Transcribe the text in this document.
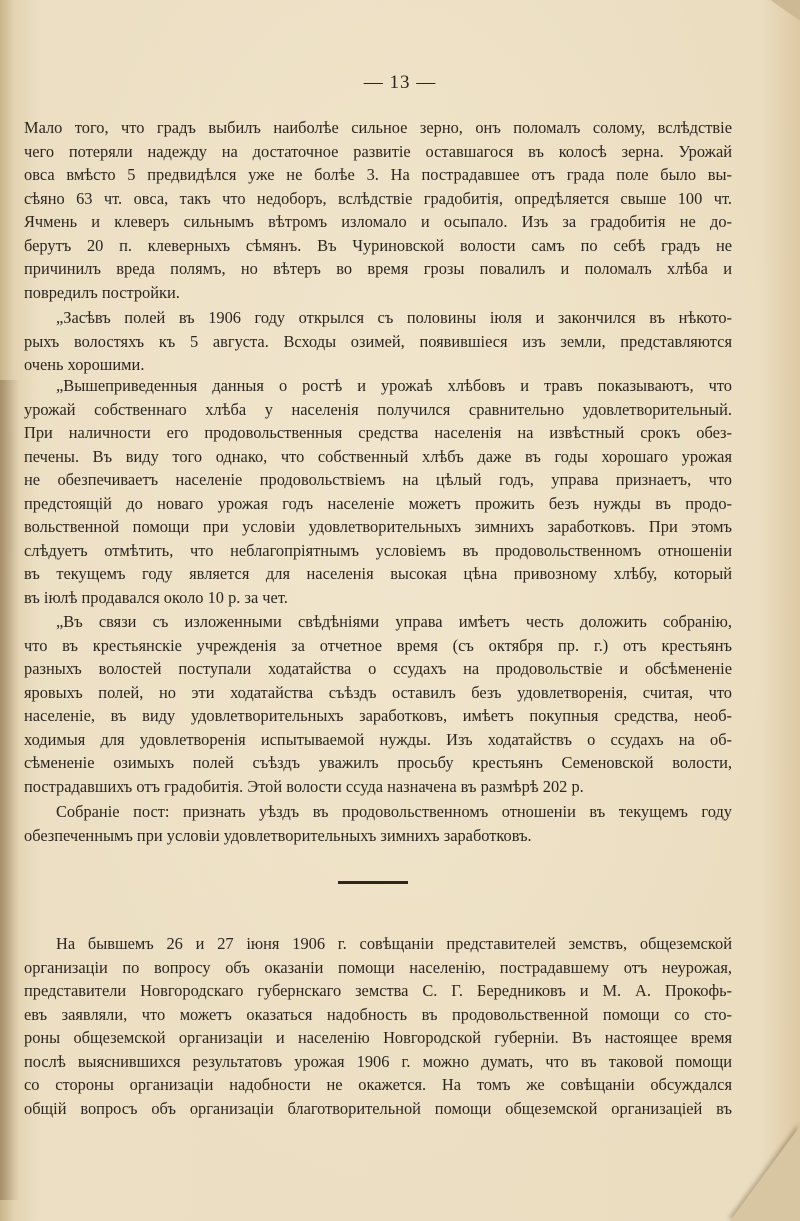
— 13 —
Мало того, что градъ выбилъ наиболѣе сильное зерно, онъ поломалъ солому, вслѣдствіе
чего потеряли надежду на достаточное развитіе оставшагося въ колосѣ зерна. Урожай
овса вмѣсто 5 предвидѣлся уже не болѣе 3. На пострадавшее отъ града поле было вы-
сѣяно 63 чт. овса, такъ что недоборъ, вслѣдствіе градобитія, опредѣляется свыше 100 чт.
Ячмень и клеверъ сильнымъ вѣтромъ изломало и осыпало. Изъ за градобитія не до-
берутъ 20 п. клеверныхъ сѣмянъ. Въ Чуриновской волости самъ по себѣ градъ не
причинилъ вреда полямъ, но вѣтеръ во время грозы повалилъ и поломалъ хлѣба и
повредилъ постройки.
„Засѣвъ полей въ 1906 году открылся съ половины іюля и закончился въ нѣкото-
рыхъ волостяхъ къ 5 августа. Всходы озимей, появившіеся изъ земли, представляются
очень хорошими.
„Вышеприведенныя данныя о ростѣ и урожаѣ хлѣбовъ и травъ показываютъ, что
урожай собственнаго хлѣба у населенія получился сравнительно удовлетворительный.
При наличности его продовольственныя средства населенія на извѣстный срокъ обез-
печены. Въ виду того однако, что собственный хлѣбъ даже въ годы хорошаго урожая
не обезпечиваетъ населеніе продовольствіемъ на цѣлый годъ, управа признаетъ, что
предстоящій до новаго урожая годъ населеніе можетъ прожить безъ нужды въ продо-
вольственной помощи при условіи удовлетворительныхъ зимнихъ заработковъ. При этомъ
слѣдуетъ отмѣтить, что неблагопріятнымъ условіемъ въ продовольственномъ отношеніи
въ текущемъ году является для населенія высокая цѣна привозному хлѣбу, который
въ іюлѣ продавался около 10 р. за чет.
„Въ связи съ изложенными свѣдѣніями управа имѣетъ честь доложить собранію,
что въ крестьянскіе учрежденія за отчетное время (съ октября пр. г.) отъ крестьянъ
разныхъ волостей поступали ходатайства о ссудахъ на продовольствіе и обсѣмененіе
яровыхъ полей, но эти ходатайства съѣздъ оставилъ безъ удовлетворенія, считая, что
населеніе, въ виду удовлетворительныхъ заработковъ, имѣетъ покупныя средства, необ-
ходимыя для удовлетворенія испытываемой нужды. Изъ ходатайствъ о ссудахъ на об-
сѣмененіе озимыхъ полей съѣздъ уважилъ просьбу крестьянъ Семеновской волости,
пострадавшихъ отъ градобитія. Этой волости ссуда назначена въ размѣрѣ 202 р.
Собраніе пост: признать уѣздъ въ продовольственномъ отношеніи въ текущемъ году
обезпеченнымъ при условіи удовлетворительныхъ зимнихъ заработковъ.
На бывшемъ 26 и 27 іюня 1906 г. совѣщаніи представителей земствъ, общеземской
организаціи по вопросу объ оказаніи помощи населенію, пострадавшему отъ неурожая,
представители Новгородскаго губернскаго земства С. Г. Бередниковъ и М. А. Прокофь-
евъ заявляли, что можетъ оказаться надобность въ продовольственной помощи со сто-
роны общеземской организаціи и населенію Новгородской губерніи. Въ настоящее время
послѣ выяснившихся результатовъ урожая 1906 г. можно думать, что въ таковой помощи
со стороны организаціи надобности не окажется. На томъ же совѣщаніи обсуждался
общій вопросъ объ организаціи благотворительной помощи общеземской организаціей въ
